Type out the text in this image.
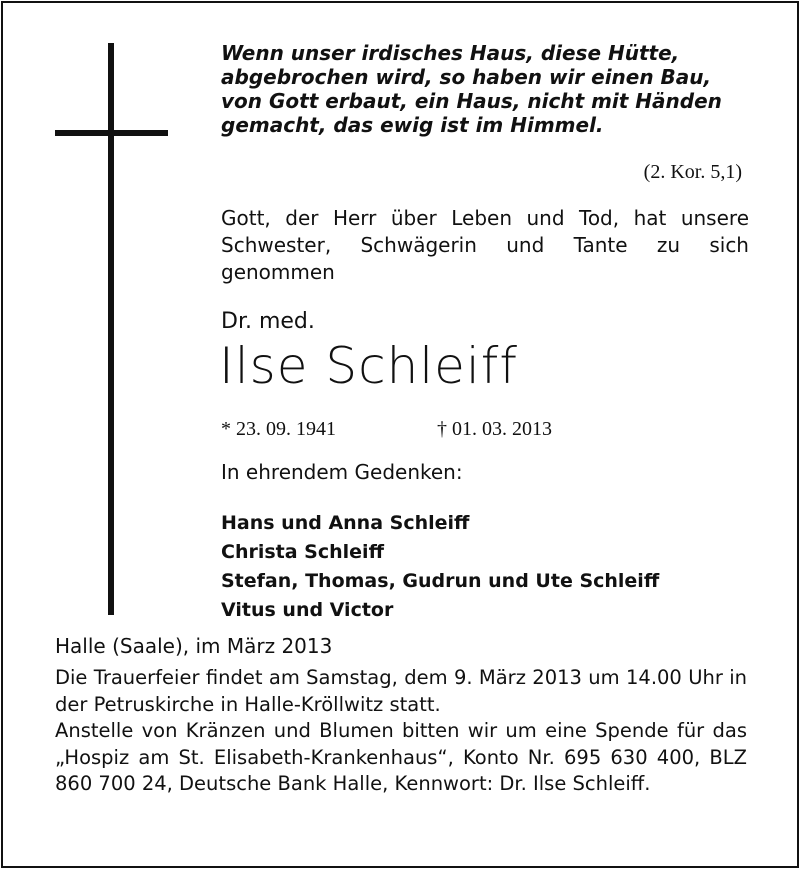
Wenn unser irdisches Haus, diese Hütte,
abgebrochen wird, so haben wir einen Bau,
von Gott erbaut, ein Haus, nicht mit Händen
gemacht, das ewig ist im Himmel.
(2. Kor. 5,1)
Gott, der Herr über Leben und Tod, hat unsere Schwester, Schwägerin und Tante zu sich genommen
Dr. med.
Ilse Schleiff
* 23. 09. 1941	† 01. 03. 2013
In ehrendem Gedenken:
Hans und Anna Schleiff
Christa Schleiff
Stefan, Thomas, Gudrun und Ute Schleiff
Vitus und Victor
Halle (Saale), im März 2013
Die Trauerfeier findet am Samstag, dem 9. März 2013 um 14.00 Uhr in der Petruskirche in Halle-Kröllwitz statt.
Anstelle von Kränzen und Blumen bitten wir um eine Spende für das „Hospiz am St. Elisabeth-Krankenhaus“, Konto Nr. 695 630 400, BLZ 860 700 24, Deutsche Bank Halle, Kennwort: Dr. Ilse Schleiff.
